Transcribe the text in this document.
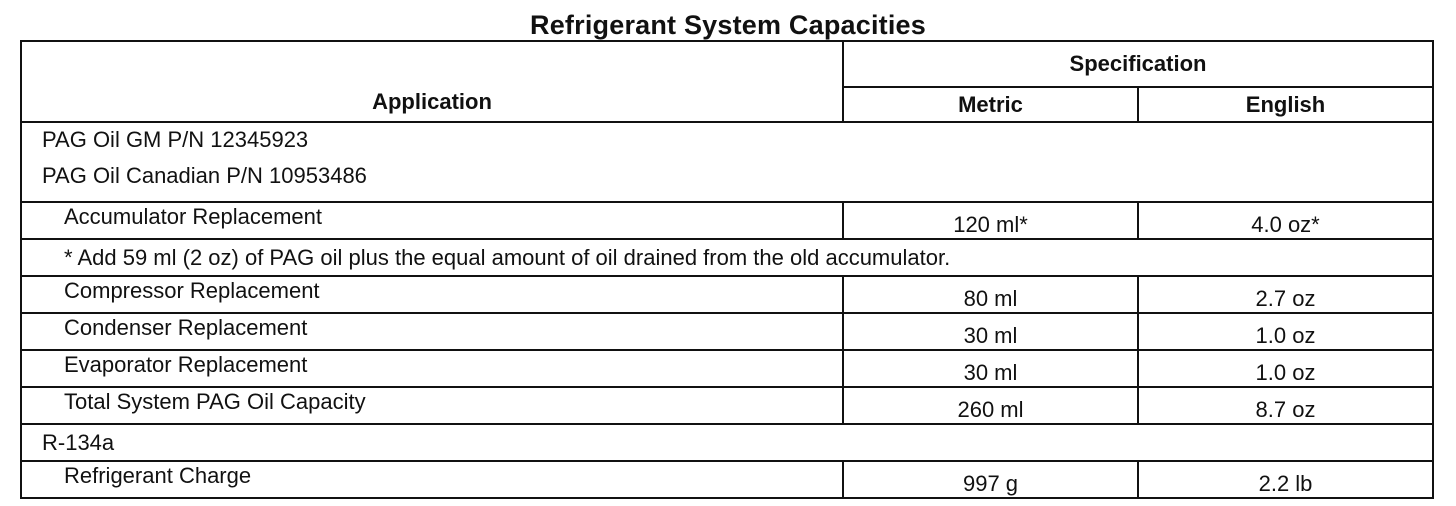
Refrigerant System Capacities
Application	Specification	
	Metric	English

PAG Oil GM P/N 12345923
PAG Oil Canadian P/N 10953486		

Accumulator Replacement	120 ml*	4.0 oz*
* Add 59 ml (2 oz) of PAG oil plus the equal amount of oil drained from the old accumulator.		
Compressor Replacement	80 ml	2.7 oz
Condenser Replacement	30 ml	1.0 oz
Evaporator Replacement	30 ml	1.0 oz
Total System PAG Oil Capacity	260 ml	8.7 oz
R-134a		
Refrigerant Charge	997 g	2.2 lb
